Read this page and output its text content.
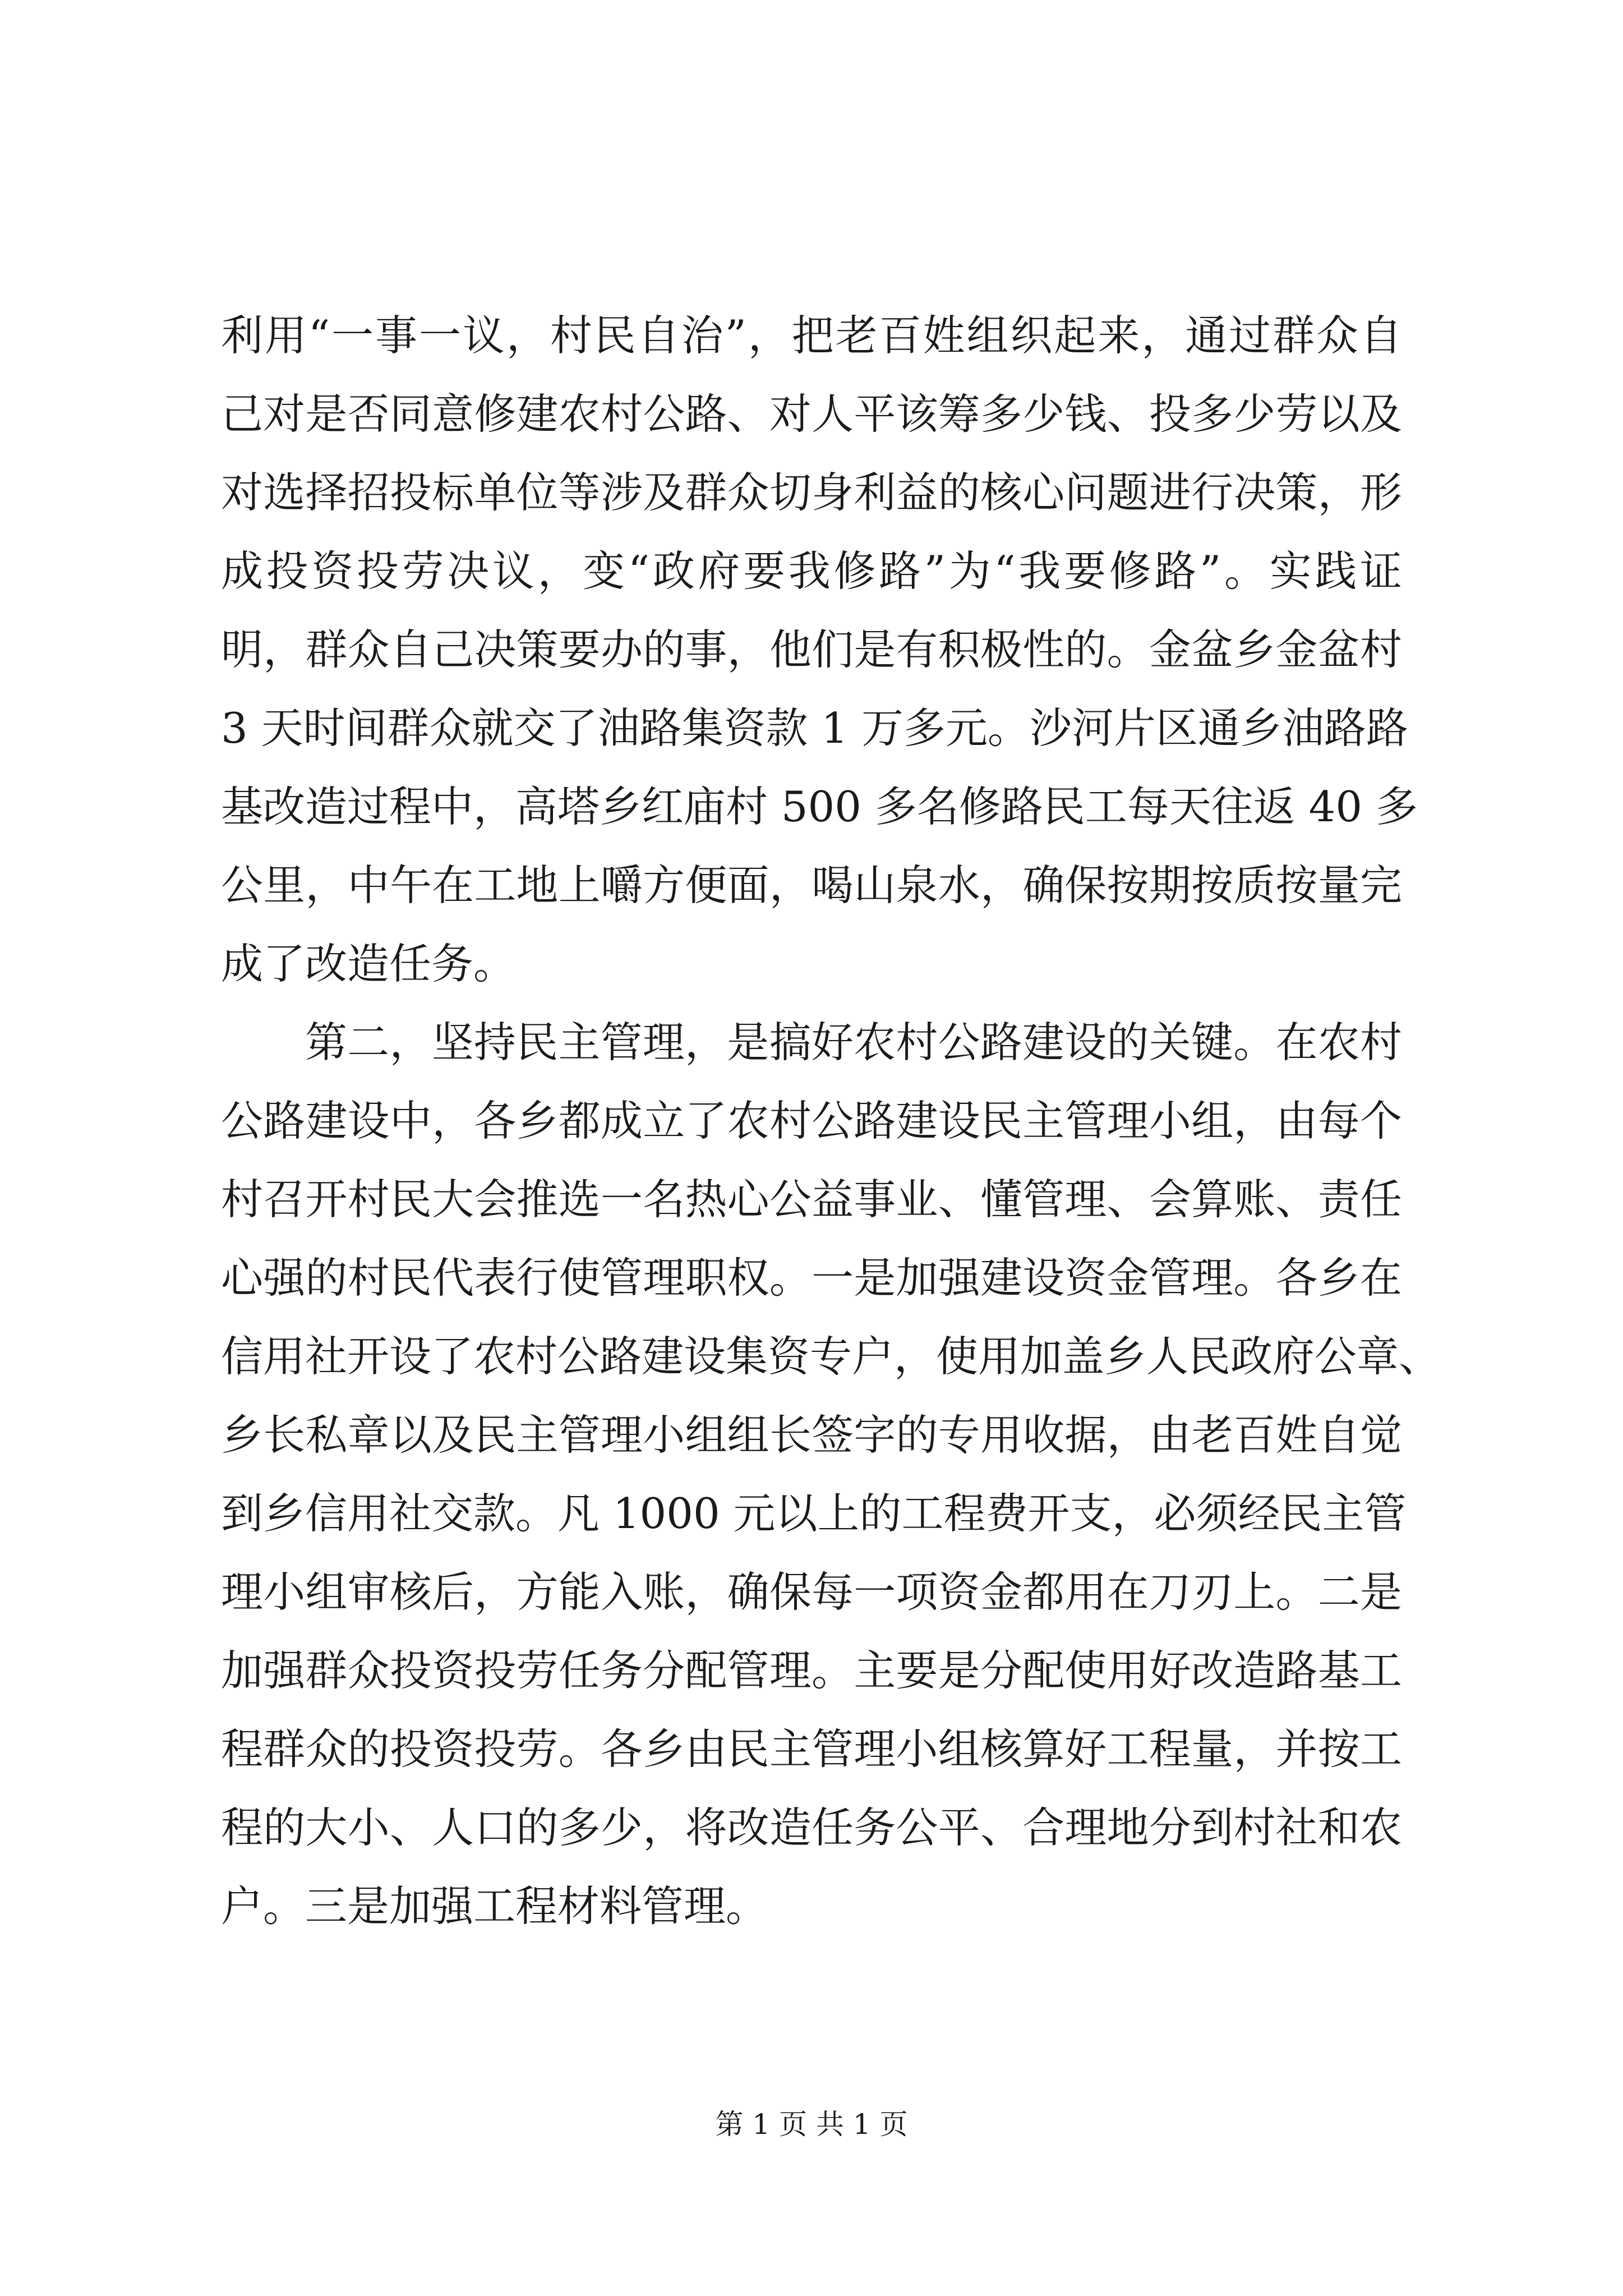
利用“一事一议，村民自治”，把老百姓组织起来，通过群众自
己对是否同意修建农村公路、对人平该筹多少钱、投多少劳以及
对选择招投标单位等涉及群众切身利益的核心问题进行决策，形
成投资投劳决议，变“政府要我修路”为“我要修路”。实践证
明，群众自己决策要办的事，他们是有积极性的。金盆乡金盆村
3 天时间群众就交了油路集资款 1 万多元。沙河片区通乡油路路
基改造过程中，高塔乡红庙村 500 多名修路民工每天往返 40 多
公里，中午在工地上嚼方便面，喝山泉水，确保按期按质按量完
成了改造任务。
第二，坚持民主管理，是搞好农村公路建设的关键。在农村
公路建设中，各乡都成立了农村公路建设民主管理小组，由每个
村召开村民大会推选一名热心公益事业、懂管理、会算账、责任
心强的村民代表行使管理职权。一是加强建设资金管理。各乡在
信用社开设了农村公路建设集资专户，使用加盖乡人民政府公章、
乡长私章以及民主管理小组组长签字的专用收据，由老百姓自觉
到乡信用社交款。凡 1000 元以上的工程费开支，必须经民主管
理小组审核后，方能入账，确保每一项资金都用在刀刃上。二是
加强群众投资投劳任务分配管理。主要是分配使用好改造路基工
程群众的投资投劳。各乡由民主管理小组核算好工程量，并按工
程的大小、人口的多少，将改造任务公平、合理地分到村社和农
户。三是加强工程材料管理。
第 1 页 共 1 页
